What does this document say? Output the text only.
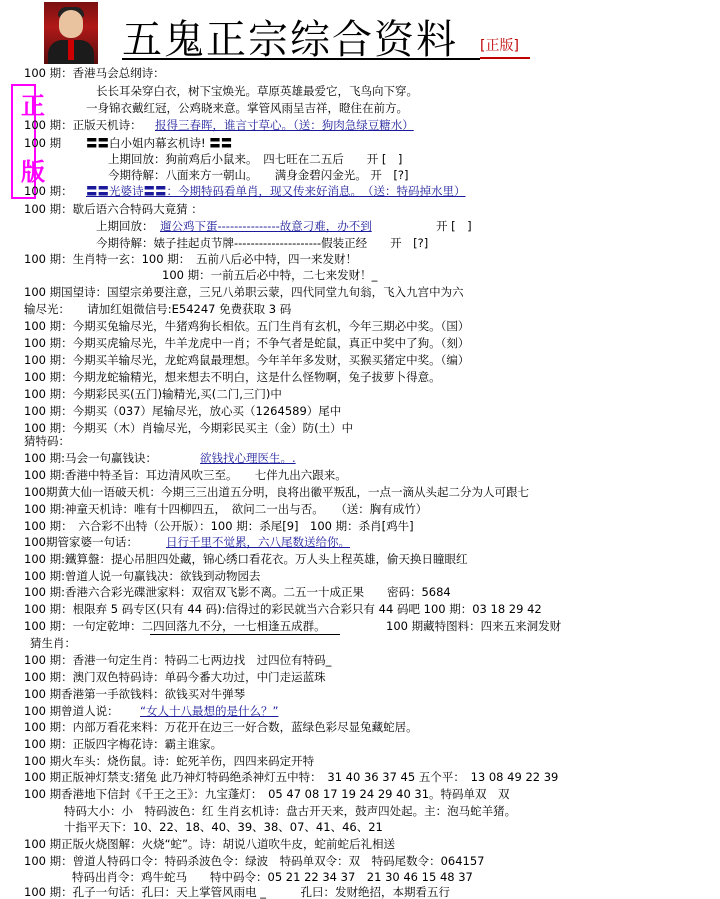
五鬼正宗综合资料 [正版]
正
版
100 期：香港马会总纲诗：
长长耳朵穿白衣，树下宝焕光。草原英雄最爱它，飞鸟向下穿。
一身锦衣戴红冠，公鸡晓来意。掌管风雨呈吉祥，瞪住在前方。
100 期：正版天机诗： 报得三春晖，谁言寸草心。（送：狗肉急绿豆糖水）
100 期 〓〓白小姐内幕玄机诗! 〓〓
上期回放：狗前鸡后小鼠来。　四七旺在二五后　　开 [　]
今期待解：八面来方一朝山。　　满身金碧闪金光。 开　[?]
100 期： 〓〓光婆诗〓〓：今期特码看单肖，现又传来好消息。　（送：特码掉水里）
100 期：歇后语六合特码大竟猜 ：
上期回放： 遛公鸡下蛋---------------故意刁难，办不到	开 [　]
今期待解：婊子挂起贞节牌---------------------假装正经　　开　[?]
100 期：生肖特一玄：100 期：　五前八后必中特，四一来发财！
100 期：一前五后必中特，二七来发财！_
100 期国望诗：国望宗弟要注意，三兄八弟职云蒙，四代同堂九旬翁，飞入九宫中为六
输尽光：　　请加红姐微信号:E54247 免费获取 3 码
100 期：今期买兔输尽光，牛猪鸡狗长相依。五门生肖有玄机，今年三期必中奖。（国）
100 期：今期买虎输尽光，牛羊龙虎中一肖；不争气者是蛇鼠，真正中奖中了狗。（刻）
100 期：今期买羊输尽光，龙蛇鸡鼠最理想。今年羊年多发财，买猴买猪定中奖。（编）
100 期：今期龙蛇输精光，想来想去不明白，这是什么怪物啊，兔子拔萝卜得意。
100 期：今期彩民买(五门)输精光,买(二门,三门)中
100 期：今期买（037）尾输尽光，放心买（1264589）尾中
100 期：今期买（木）肖输尽光，今期彩民买主（金）防(土）中
猜特码：
100 期:马会一句赢钱诀：	欲钱找心理医生。.
100 期:香港中特圣旨：耳边清风吹三至。　　七伴九出六跟来。
100期黄大仙一语破天机：今期三三出道五分明，良将出徽平叛乱，一点一滴从头起二分为人可跟七
100 期:神童天机诗：唯有十四柳四五，　欲问二一出与否。　　（送：胸有成竹）
100 期：　六合彩不出特（公开版）：100 期：杀尾[9]　100 期：杀肖[鸡牛]
100期管家婆一句话： 日行千里不觉累，六八尾数送给你。
100 期:鐵算盤：提心吊胆四处藏，锦心绣口看花衣。万人头上程英雄，偷天换日瞳眼红
100 期:曾道人说一句赢钱决：欲钱到动物园去
100 期:香港六合彩光碟泄家料：双宿双飞影不离。二五一十成正果　　密码：5684
100 期：根限弃 5 码专区(只有 44 码):信得过的彩民就当六合彩只有 44 码吧 100 期：03 18 29 42
100 期：一句定乾坤：二四回落九不分，一七相逢五成群。	100 期藏特图料：四来五来洞发财
猜生肖：
100 期：香港一句定生肖：特码二七两边找　过四位有特码_
100 期：澳门双色特码诗：单码今番大功过，中门走运蓝珠
100 期香港第一手欲钱料：欲钱买对牛弹琴
100 期曾道人说： “女人十八最想的是什么？”
100 期：内部万看花来料：万花开在边三一好合数，蓝绿色彩尽显兔藏蛇居。
100 期：正版四字梅花诗：霸主谁家。
100 期火车头：烧伤鼠。诗：蛇死羊伤，四四来码定开特
100 期正版神灯禁支:猪兔 此乃神灯特码绝杀神灯五中特：　31 40 36 37 45 五个平：　13 08 49 22 39
100 期香港地下信封《千王之王》：九宝蓬灯：　05 47 08 17 19 24 29 40 31。特码单双　双
特码大小：小　特码波色：红 生肖玄机诗：盘古开天来，鼓声四处起。主：泡马蛇羊猪。
十指平天下：10、22、18、40、39、38、07、41、46、21
100 期正版火烧图解：火烧“蛇”。诗：胡说八道吹牛皮，蛇前蛇后礼相送
100 期：曾道人特码口令：特码杀波色令：绿波　特码单双令：双　特码尾数令：064157
特码出肖令：鸡牛蛇马　　特中码令：05 21 22 34 37　21 30 46 15 48 37
100 期：孔子一句话：孔曰：天上掌管风雨电 _　　　孔曰：发财绝招，本期看五行
